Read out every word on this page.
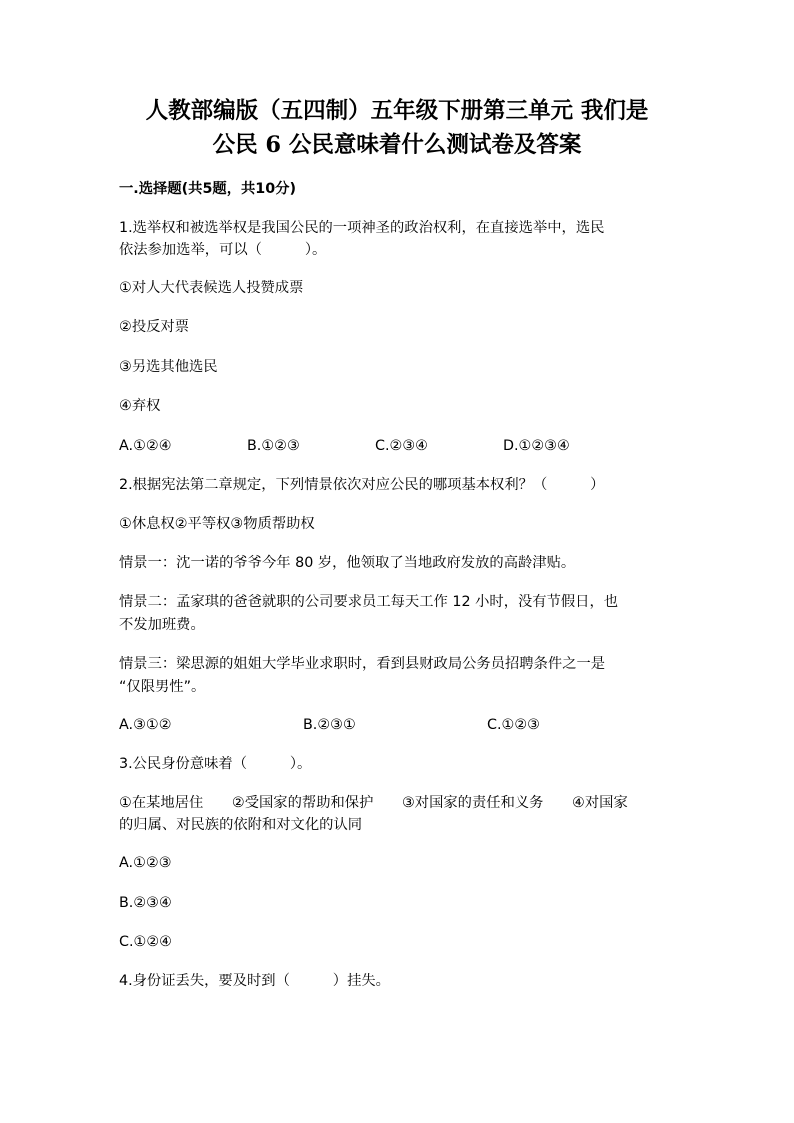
人教部编版（五四制）五年级下册第三单元 我们是
公民 6 公民意味着什么测试卷及答案

一.选择题(共5题，共10分)

1.选举权和被选举权是我国公民的一项神圣的政治权利，在直接选举中，选民

依法参加选举，可以（　　　）。

①对人大代表候选人投赞成票

②投反对票

③另选其他选民

④弃权

A.①②④	B.①②③	C.②③④	D.①②③④

2.根据宪法第二章规定，下列情景依次对应公民的哪项基本权利？（　　　）

①休息权②平等权③物质帮助权

情景一：沈一诺的爷爷今年 80 岁，他领取了当地政府发放的高龄津贴。

情景二：孟家琪的爸爸就职的公司要求员工每天工作 12 小时，没有节假日，也

不发加班费。

情景三：梁思源的姐姐大学毕业求职时，看到县财政局公务员招聘条件之一是

“仅限男性”。

A.③①②	B.②③①	C.①②③

3.公民身份意味着（　　　）。

①在某地居住　　②受国家的帮助和保护　　③对国家的责任和义务　　④对国家

的归属、对民族的依附和对文化的认同

A.①②③

B.②③④

C.①②④

4.身份证丢失，要及时到（　　　）挂失。
